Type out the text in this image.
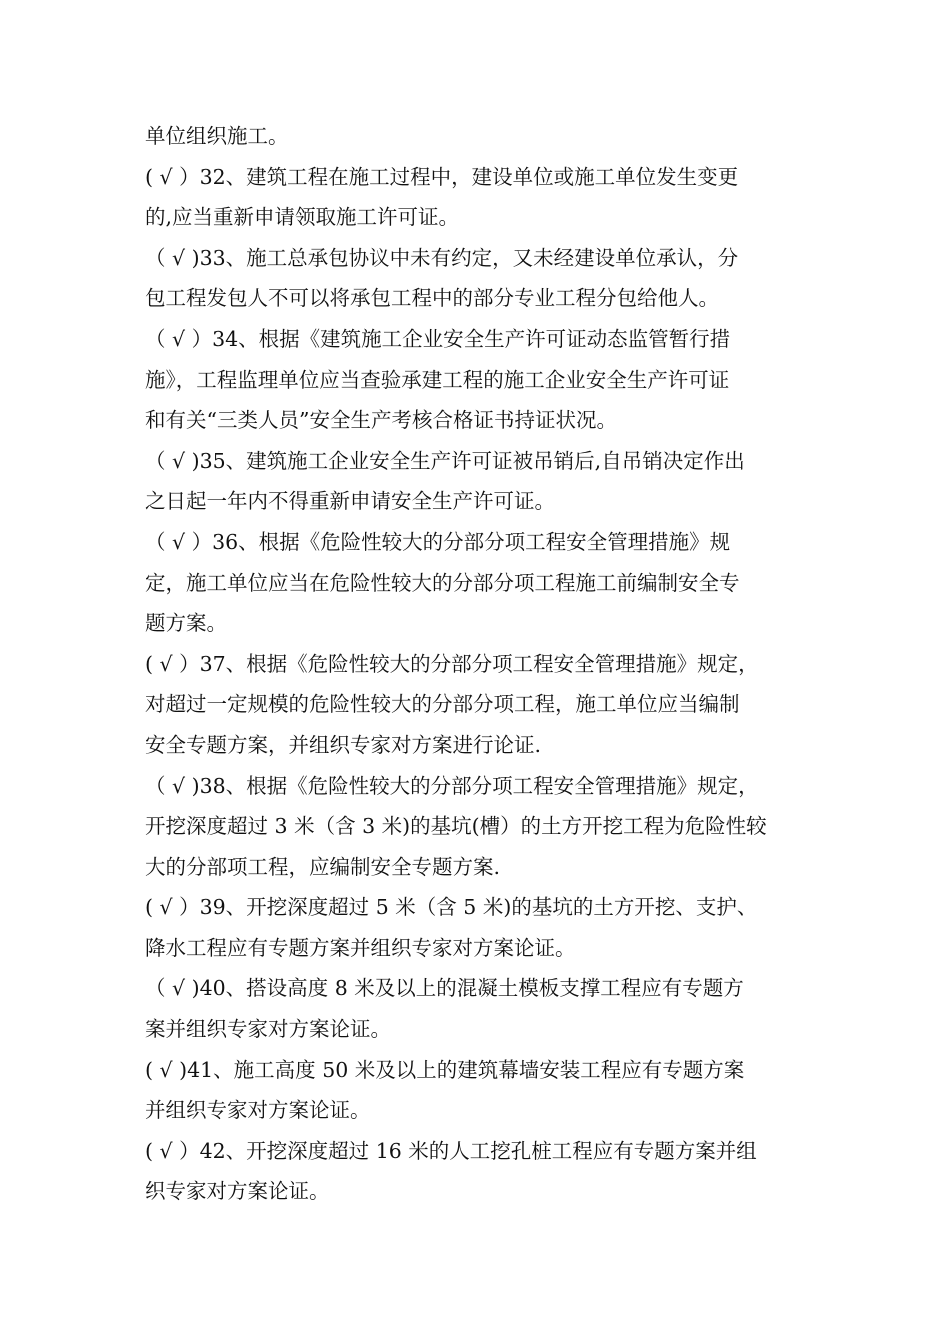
单位组织施工。
( √ ）32、建筑工程在施工过程中，建设单位或施工单位发生变更
的,应当重新申请领取施工许可证。
（ √ )33、施工总承包协议中未有约定，又未经建设单位承认，分
包工程发包人不可以将承包工程中的部分专业工程分包给他人。
（ √ ）34、根据《建筑施工企业安全生产许可证动态监管暂行措
施》，工程监理单位应当查验承建工程的施工企业安全生产许可证
和有关“三类人员”安全生产考核合格证书持证状况。
（ √ )35、建筑施工企业安全生产许可证被吊销后,自吊销决定作出
之日起一年内不得重新申请安全生产许可证。
（ √ ）36、根据《危险性较大的分部分项工程安全管理措施》规
定，施工单位应当在危险性较大的分部分项工程施工前编制安全专
题方案。
( √ ）37、根据《危险性较大的分部分项工程安全管理措施》规定，
对超过一定规模的危险性较大的分部分项工程，施工单位应当编制
安全专题方案，并组织专家对方案进行论证.
（ √ )38、根据《危险性较大的分部分项工程安全管理措施》规定，
开挖深度超过 3 米（含 3 米)的基坑(槽）的土方开挖工程为危险性较
大的分部项工程，应编制安全专题方案.
( √ ）39、开挖深度超过 5 米（含 5 米)的基坑的土方开挖、支护、
降水工程应有专题方案并组织专家对方案论证。
（ √ )40、搭设高度 8 米及以上的混凝土模板支撑工程应有专题方
案并组织专家对方案论证。
( √ )41、施工高度 50 米及以上的建筑幕墙安装工程应有专题方案
并组织专家对方案论证。
( √ ）42、开挖深度超过 16 米的人工挖孔桩工程应有专题方案并组
织专家对方案论证。
